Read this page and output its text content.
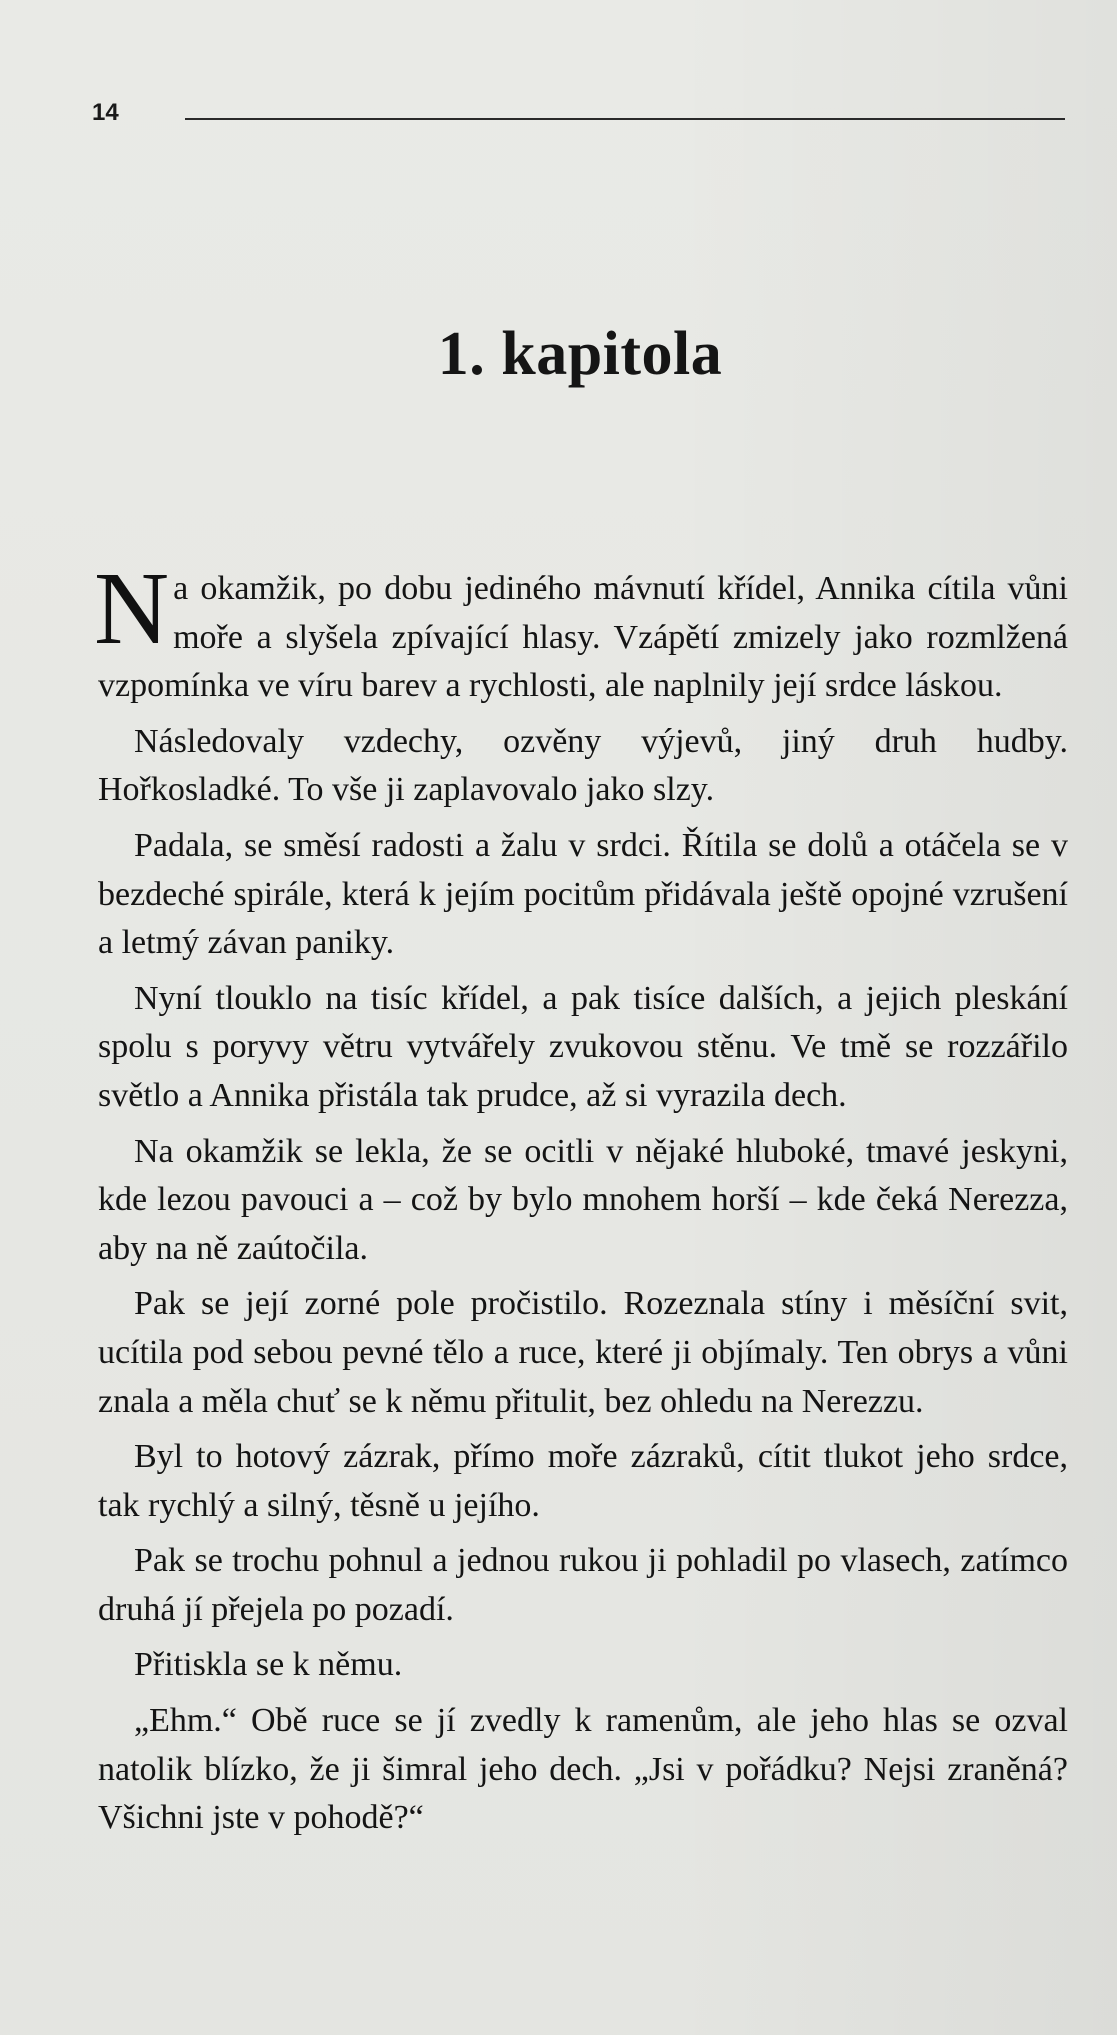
14
1. kapitola

Na okamžik, po dobu jediného mávnutí křídel, Annika cítila vůni moře a slyšela zpívající hlasy. Vzápětí zmizely jako rozmlžená vzpomínka ve víru barev a rychlosti, ale naplnily její srdce láskou.

Následovaly vzdechy, ozvěny výjevů, jiný druh hudby. Hořkosladké. To vše ji zaplavovalo jako slzy.

Padala, se směsí radosti a žalu v srdci. Řítila se dolů a otáčela se v bezdeché spirále, která k jejím pocitům přidávala ještě opojné vzrušení a letmý závan paniky.

Nyní tlouklo na tisíc křídel, a pak tisíce dalších, a jejich pleskání spolu s poryvy větru vytvářely zvukovou stěnu. Ve tmě se rozzářilo světlo a Annika přistála tak prudce, až si vyrazila dech.

Na okamžik se lekla, že se ocitli v nějaké hluboké, tmavé jeskyni, kde lezou pavouci a – což by bylo mnohem horší – kde čeká Nerezza, aby na ně zaútočila.

Pak se její zorné pole pročistilo. Rozeznala stíny i měsíční svit, ucítila pod sebou pevné tělo a ruce, které ji objímaly. Ten obrys a vůni znala a měla chuť se k němu přitulit, bez ohledu na Nerezzu.

Byl to hotový zázrak, přímo moře zázraků, cítit tlukot jeho srdce, tak rychlý a silný, těsně u jejího.

Pak se trochu pohnul a jednou rukou ji pohladil po vlasech, zatímco druhá jí přejela po pozadí.

Přitiskla se k němu.

„Ehm.“ Obě ruce se jí zvedly k ramenům, ale jeho hlas se ozval natolik blízko, že ji šimral jeho dech. „Jsi v pořádku? Nejsi zraněná? Všichni jste v pohodě?“
